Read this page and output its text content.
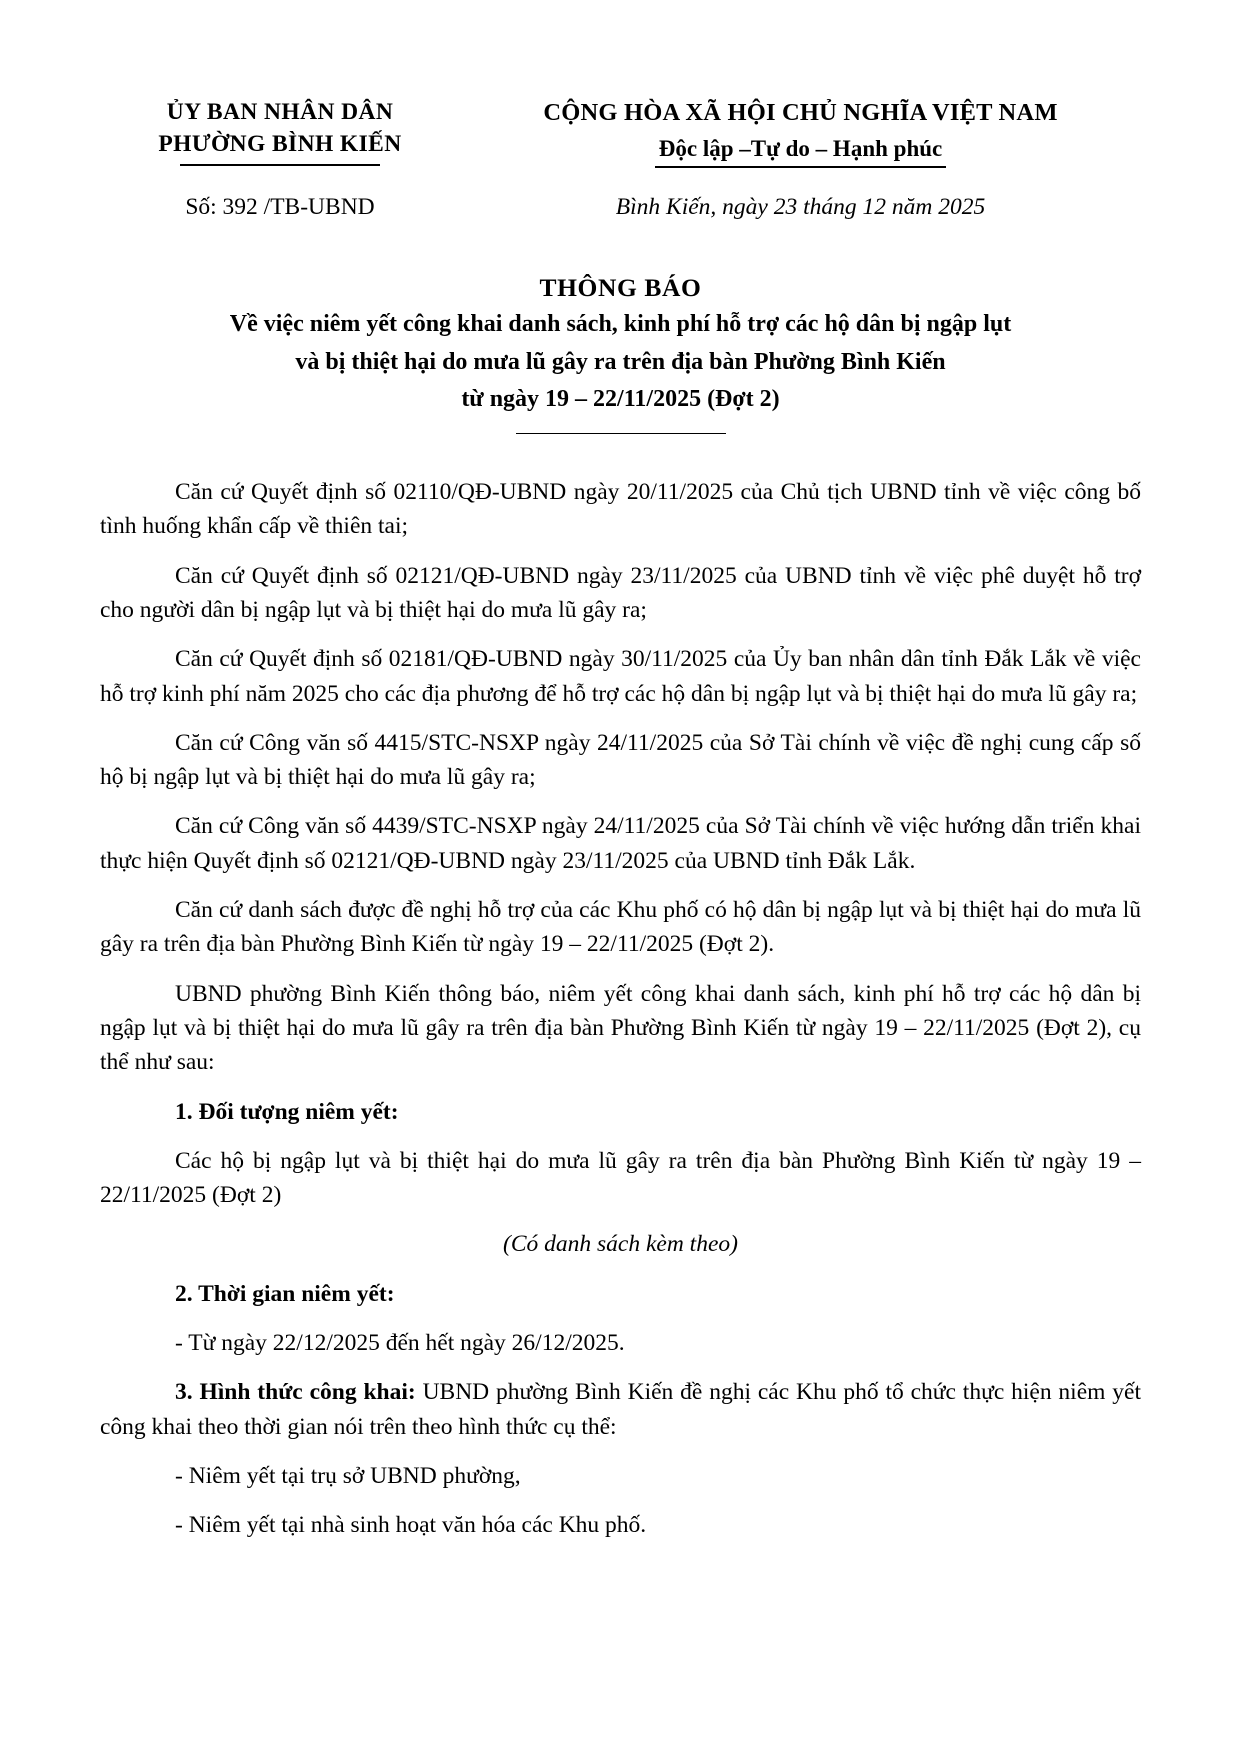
ỦY BAN NHÂN DÂN
PHƯỜNG BÌNH KIẾN
CỘNG HÒA XÃ HỘI CHỦ NGHĨA VIỆT NAM
Độc lập –Tự do – Hạnh phúc
Số: 392 /TB-UBND	Bình Kiến, ngày 23 tháng 12 năm 2025
THÔNG BÁO
Về việc niêm yết công khai danh sách, kinh phí hỗ trợ các hộ dân bị ngập lụt
và bị thiệt hại do mưa lũ gây ra trên địa bàn Phường Bình Kiến
từ ngày 19 – 22/11/2025 (Đợt 2)

Căn cứ Quyết định số 02110/QĐ-UBND ngày 20/11/2025 của Chủ tịch UBND tỉnh về việc công bố tình huống khẩn cấp về thiên tai;

Căn cứ Quyết định số 02121/QĐ-UBND ngày 23/11/2025 của UBND tỉnh về việc phê duyệt hỗ trợ cho người dân bị ngập lụt và bị thiệt hại do mưa lũ gây ra;

Căn cứ Quyết định số 02181/QĐ-UBND ngày 30/11/2025 của Ủy ban nhân dân tỉnh Đắk Lắk về việc hỗ trợ kinh phí năm 2025 cho các địa phương để hỗ trợ các hộ dân bị ngập lụt và bị thiệt hại do mưa lũ gây ra;

Căn cứ Công văn số 4415/STC-NSXP ngày 24/11/2025 của Sở Tài chính về việc đề nghị cung cấp số hộ bị ngập lụt và bị thiệt hại do mưa lũ gây ra;

Căn cứ Công văn số 4439/STC-NSXP ngày 24/11/2025 của Sở Tài chính về việc hướng dẫn triển khai thực hiện Quyết định số 02121/QĐ-UBND ngày 23/11/2025 của UBND tỉnh Đắk Lắk.

Căn cứ danh sách được đề nghị hỗ trợ của các Khu phố có hộ dân bị ngập lụt và bị thiệt hại do mưa lũ gây ra trên địa bàn Phường Bình Kiến từ ngày 19 – 22/11/2025 (Đợt 2).

UBND phường Bình Kiến thông báo, niêm yết công khai danh sách, kinh phí hỗ trợ các hộ dân bị ngập lụt và bị thiệt hại do mưa lũ gây ra trên địa bàn Phường Bình Kiến từ ngày 19 – 22/11/2025 (Đợt 2), cụ thể như sau:

1. Đối tượng niêm yết:

Các hộ bị ngập lụt và bị thiệt hại do mưa lũ gây ra trên địa bàn Phường Bình Kiến từ ngày 19 – 22/11/2025 (Đợt 2)

(Có danh sách kèm theo)

2. Thời gian niêm yết:

- Từ ngày 22/12/2025 đến hết ngày 26/12/2025.

3. Hình thức công khai: UBND phường Bình Kiến đề nghị các Khu phố tổ chức thực hiện niêm yết công khai theo thời gian nói trên theo hình thức cụ thể:

- Niêm yết tại trụ sở UBND phường,

- Niêm yết tại nhà sinh hoạt văn hóa các Khu phố.
